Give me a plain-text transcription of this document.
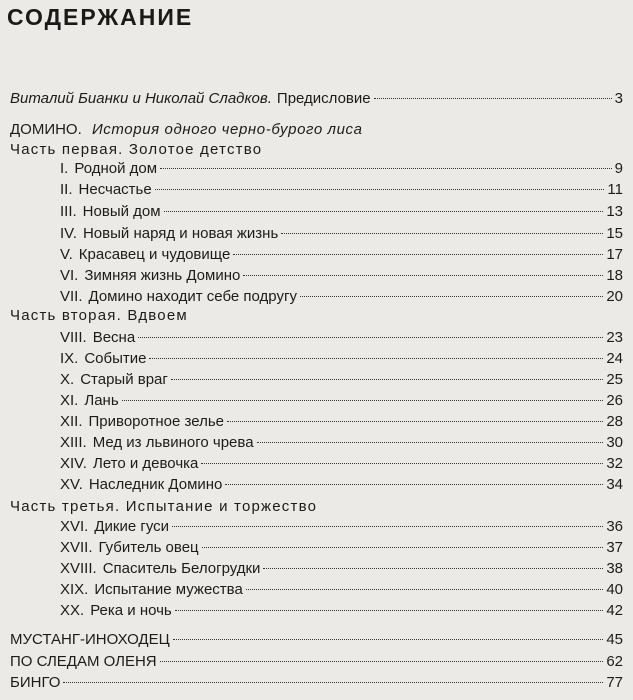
СОДЕРЖАНИЕ
Виталий Бианки и Николай Сладков. Предисловие	3
ДОМИНО. История одного черно-бурого лиса
Часть первая. Золотое детство
I. Родной дом	9
II. Несчастье	11
III. Новый дом	13
IV. Новый наряд и новая жизнь	15
V. Красавец и чудовище	17
VI. Зимняя жизнь Домино	18
VII. Домино находит себе подругу	20
Часть вторая. Вдвоем
VIII. Весна	23
IX. Событие	24
X. Старый враг	25
XI. Лань	26
XII. Приворотное зелье	28
XIII. Мед из львиного чрева	30
XIV. Лето и девочка	32
XV. Наследник Домино	34
Часть третья. Испытание и торжество
XVI. Дикие гуси	36
XVII. Губитель овец	37
XVIII. Спаситель Белогрудки	38
XIX. Испытание мужества	40
XX. Река и ночь	42
МУСТАНГ-ИНОХОДЕЦ	45
ПО СЛЕДАМ ОЛЕНЯ	62
БИНГО	77
